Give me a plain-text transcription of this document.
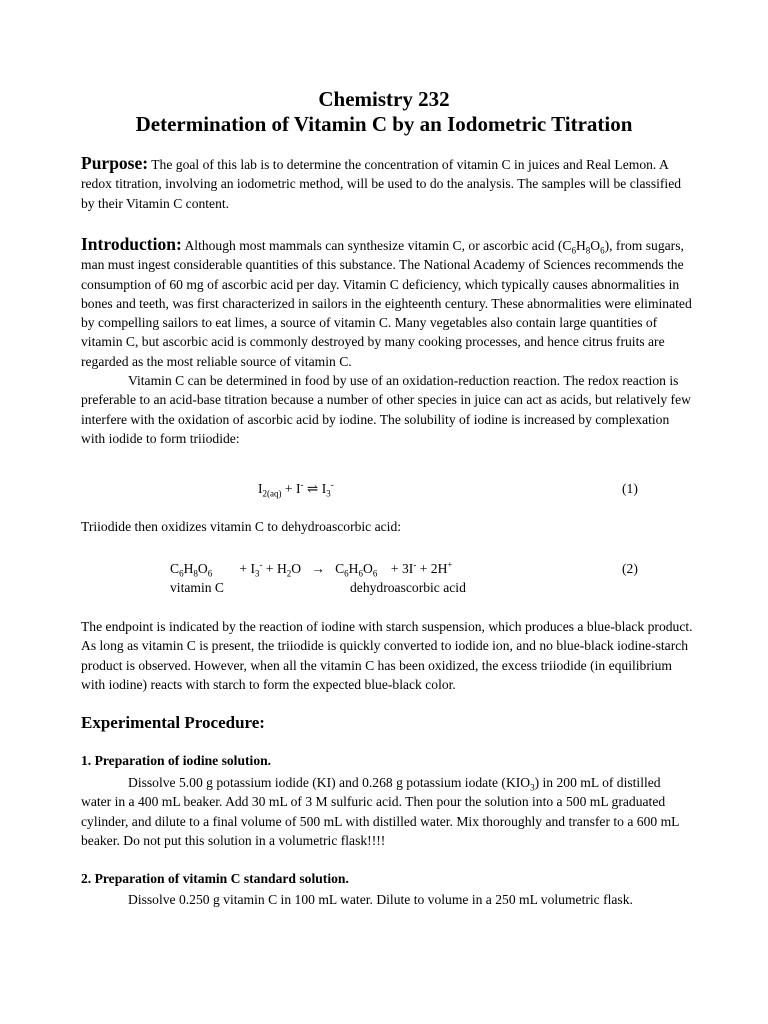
Chemistry 232
Determination of Vitamin C by an Iodometric Titration

Purpose: The goal of this lab is to determine the concentration of vitamin C in juices and Real Lemon. A redox titration, involving an iodometric method, will be used to do the analysis. The samples will be classified by their Vitamin C content.

Introduction: Although most mammals can synthesize vitamin C, or ascorbic acid $(C_6H_8O_6)$, from sugars, man must ingest considerable quantities of this substance. The National Academy of Sciences recommends the consumption of 60 mg of ascorbic acid per day. Vitamin C deficiency, which typically causes abnormalities in bones and teeth, was first characterized in sailors in the eighteenth century. These abnormalities were eliminated by compelling sailors to eat limes, a source of vitamin C. Many vegetables also contain large quantities of vitamin C, but ascorbic acid is commonly destroyed by many cooking processes, and hence citrus fruits are regarded as the most reliable source of vitamin C.
Vitamin C can be determined in food by use of an oxidation-reduction reaction. The redox reaction is preferable to an acid-base titration because a number of other species in juice can act as acids, but relatively few interfere with the oxidation of ascorbic acid by iodine. The solubility of iodine is increased by complexation with iodide to form triiodide:

$I_{2(aq)} + I^-$ ⇌ $I_3^-$	(1)
Triiodide then oxidizes vitamin C to dehydroascorbic acid:
$C_6H_8O_6$        + $I_3^- + H_2O \to C_6H_6O_6$    + 3I- + 2H+	(2)
vitamin C	dehydroascorbic acid
The endpoint is indicated by the reaction of iodine with starch suspension, which produces a blue-black product. As long as vitamin C is present, the triiodide is quickly converted to iodide ion, and no blue-black iodine-starch product is observed. However, when all the vitamin C has been oxidized, the excess triiodide (in equilibrium with iodine) reacts with starch to form the expected blue-black color.
Experimental Procedure:
1. Preparation of iodine solution.

Dissolve 5.00 g potassium iodide (KI) and 0.268 g potassium iodate $(KIO_3)$ in 200 mL of distilled water in a 400 mL beaker. Add 30 mL of 3 M sulfuric acid. Then pour the solution into a 500 mL graduated cylinder, and dilute to a final volume of 500 mL with distilled water. Mix thoroughly and transfer to a 600 mL beaker. Do not put this solution in a volumetric flask!!!!

2. Preparation of vitamin C standard solution.

Dissolve 0.250 g vitamin C in 100 mL water. Dilute to volume in a 250 mL volumetric flask.
